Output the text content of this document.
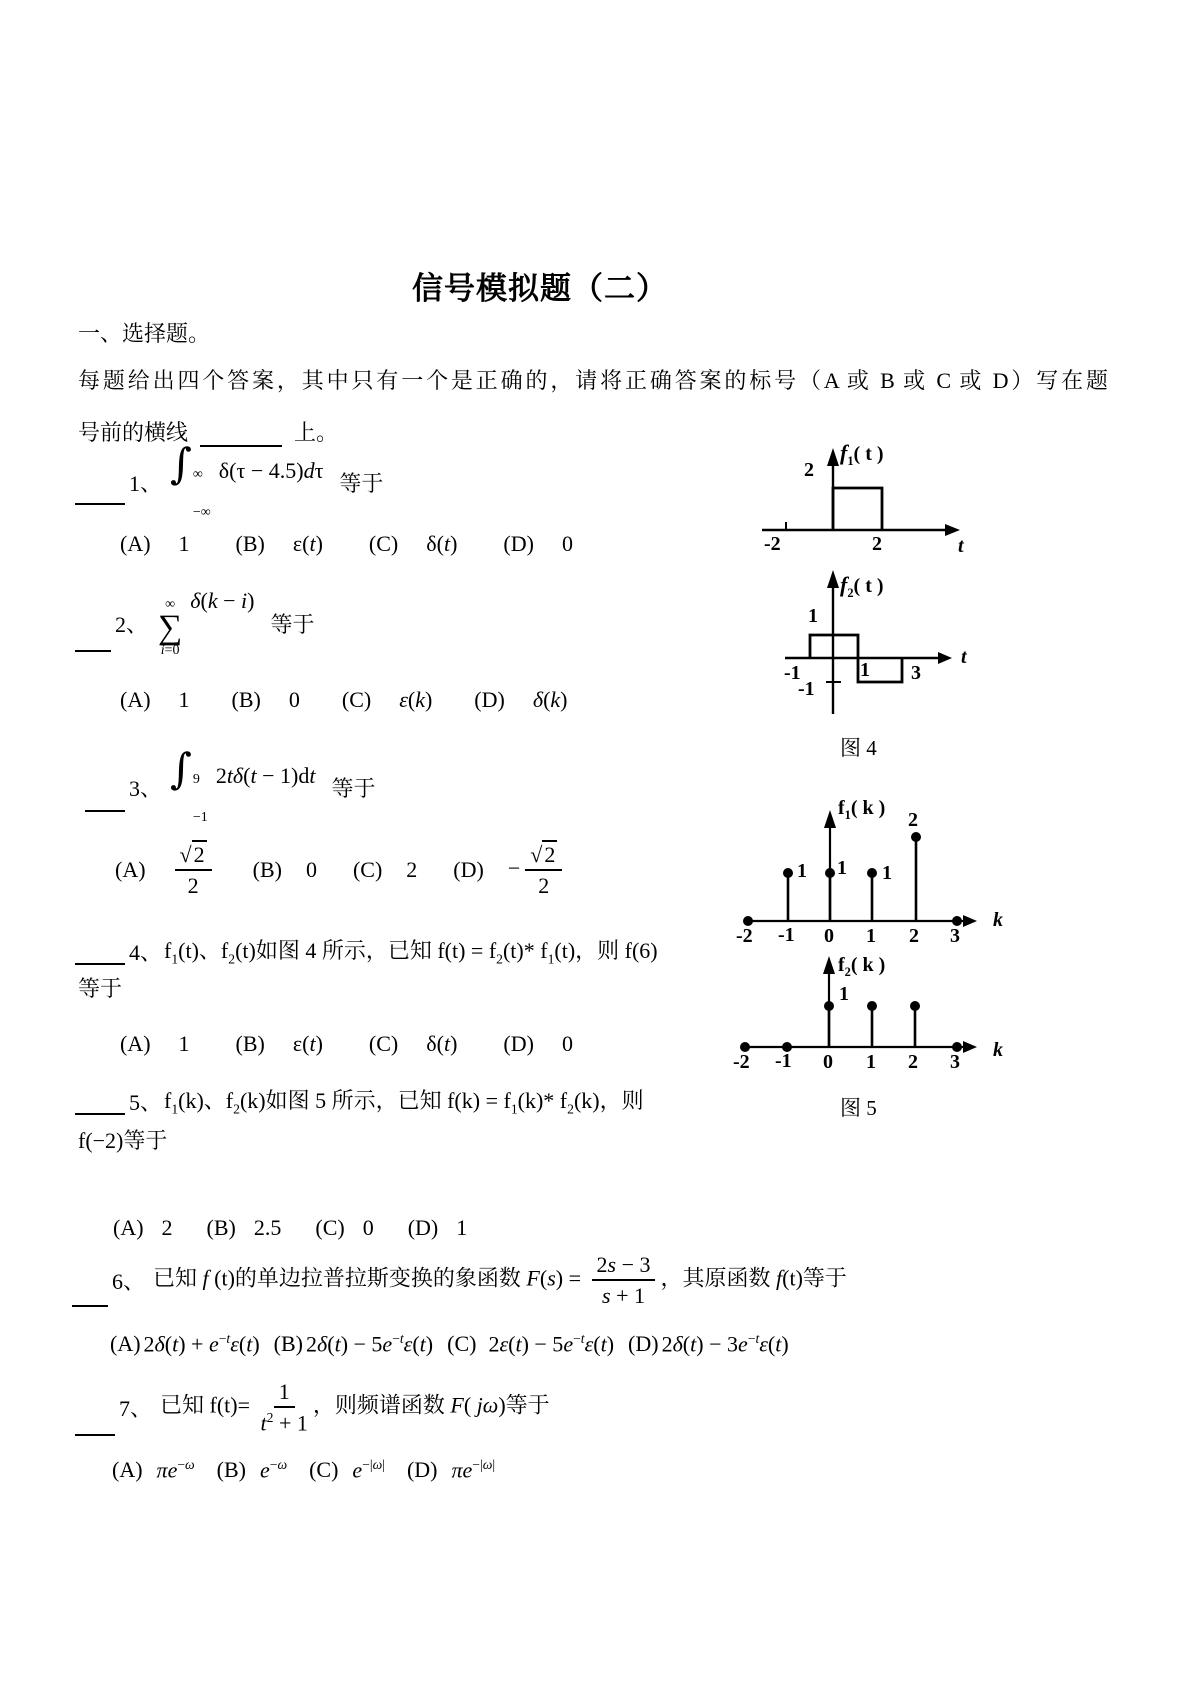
信号模拟题（二）
一、选择题。
每题给出四个答案，其中只有一个是正确的，请将正确答案的标号（A 或 B 或 C 或 D）写在题
号前的横线	上。
1、 ∫ ∞
−∞
δ(τ − 4.5)dτ
等于
(A) 1 (B) ε(t) (C) δ(t) (D) 0
2、
∞
∑
i=0
δ(k − i)
等于
(A) 1 (B) 0 (C) ε(k) (D) δ(k)
3、 ∫ 9
−1
2tδ(t − 1)dt
等于
$(A) \frac{√2}{2} (B)$ 0 (C) 2 $(D) - \frac{√2}{2}$
4、 $f_1(t)$、$f_2(t)$如图 4 所示，已知 $f(t) = f_2(t)*$ $f_1(t)$，则 f(6)
等于
(A) 1 (B) ε(t) (C) δ(t) (D) 0
5、 $f_1(k)$、$f_2(k)$如图 5 所示，已知 $f(k) = f_1(k)*$ $f_2(k)$，则
f(−2)等于
(A) 2 (B) 2.5 (C) 0 (D) 1
6、 已知 f (t)的单边拉普拉斯变换的象函数 $F(s) = \frac{2s - 3}{s + 1}$ ，其原函数 f(t)等于
(A) $2\delta(t) + e^{-t}\varepsilon(t)$ (B) $2\delta(t) - 5e^{-t}\varepsilon(t)$ (C) $2\varepsilon(t) - 5e^{-t}\varepsilon(t)$ (D) $2\delta(t) - 3e^{-t}\varepsilon(t)$
7、 已知 $f(t)= \frac{1}{t^2 + 1}$ ，则频谱函数 F( jω)等于
(A) $\pi e^{-\omega}$ (B) $e^{-\omega}$ (C) $e^{-|\omega|}$ (D) $\pi e^{-|\omega|}$
$f_1$( t )
2
-2	2	t
$f_2$( t )
1
-1	1 3
-1
t
图 4
$f_1$( k )
2
1 1 1
-2 -1 0 1 2 3
k
$f_2$( k )
1
-2 -1 0 1 2 3
k
图 5
